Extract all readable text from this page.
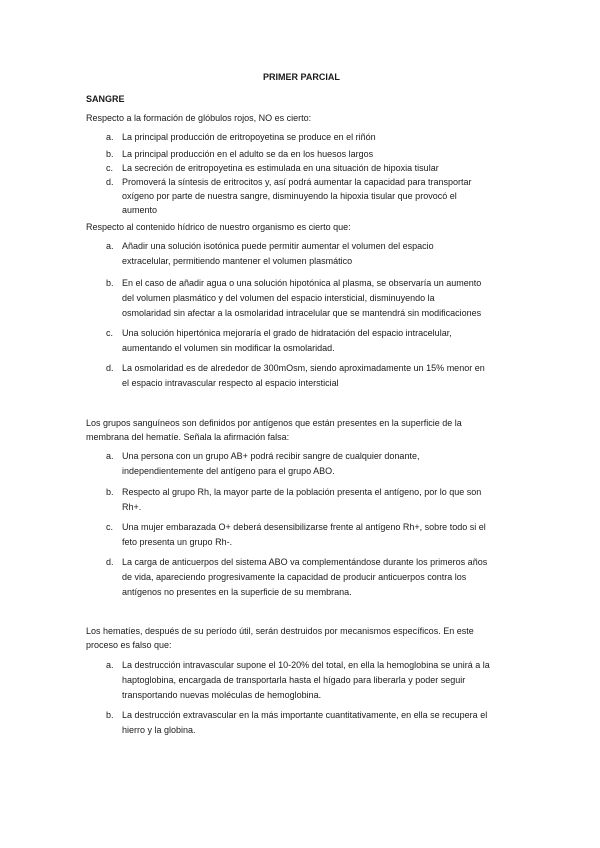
PRIMER PARCIAL
SANGRE
Respecto a la formación de glóbulos rojos, NO es cierto:
a. La principal producción de eritropoyetina se produce en el riñón
b. La principal producción en el adulto se da en los huesos largos
c. La secreción de eritropoyetina es estimulada en una situación de hipoxia tisular
d. Promoverá la síntesis de eritrocitos y, así podrá aumentar la capacidad para transportar
oxígeno por parte de nuestra sangre, disminuyendo la hipoxia tisular que provocó el
aumento
Respecto al contenido hídrico de nuestro organismo es cierto que:
a. Añadir una solución isotónica puede permitir aumentar el volumen del espacio
extracelular, permitiendo mantener el volumen plasmático
b. En el caso de añadir agua o una solución hipotónica al plasma, se observaría un aumento
del volumen plasmático y del volumen del espacio intersticial, disminuyendo la
osmolaridad sin afectar a la osmolaridad intracelular que se mantendrá sin modificaciones
c. Una solución hipertónica mejoraría el grado de hidratación del espacio intracelular,
aumentando el volumen sin modificar la osmolaridad.
d. La osmolaridad es de alrededor de 300mOsm, siendo aproximadamente un 15% menor en
el espacio intravascular respecto al espacio intersticial
Los grupos sanguíneos son definidos por antígenos que están presentes en la superficie de la
membrana del hematíe. Señala la afirmación falsa:
a. Una persona con un grupo AB+ podrá recibir sangre de cualquier donante,
independientemente del antígeno para el grupo ABO.
b. Respecto al grupo Rh, la mayor parte de la población presenta el antígeno, por lo que son
Rh+.
c. Una mujer embarazada O+ deberá desensibilizarse frente al antígeno Rh+, sobre todo si el
feto presenta un grupo Rh-.
d. La carga de anticuerpos del sistema ABO va complementándose durante los primeros años
de vida, apareciendo progresivamente la capacidad de producir anticuerpos contra los
antígenos no presentes en la superficie de su membrana.
Los hematíes, después de su período útil, serán destruidos por mecanismos específicos. En este
proceso es falso que:
a. La destrucción intravascular supone el 10-20% del total, en ella la hemoglobina se unirá a la
haptoglobina, encargada de transportarla hasta el hígado para liberarla y poder seguir
transportando nuevas moléculas de hemoglobina.
b. La destrucción extravascular en la más importante cuantitativamente, en ella se recupera el
hierro y la globina.
